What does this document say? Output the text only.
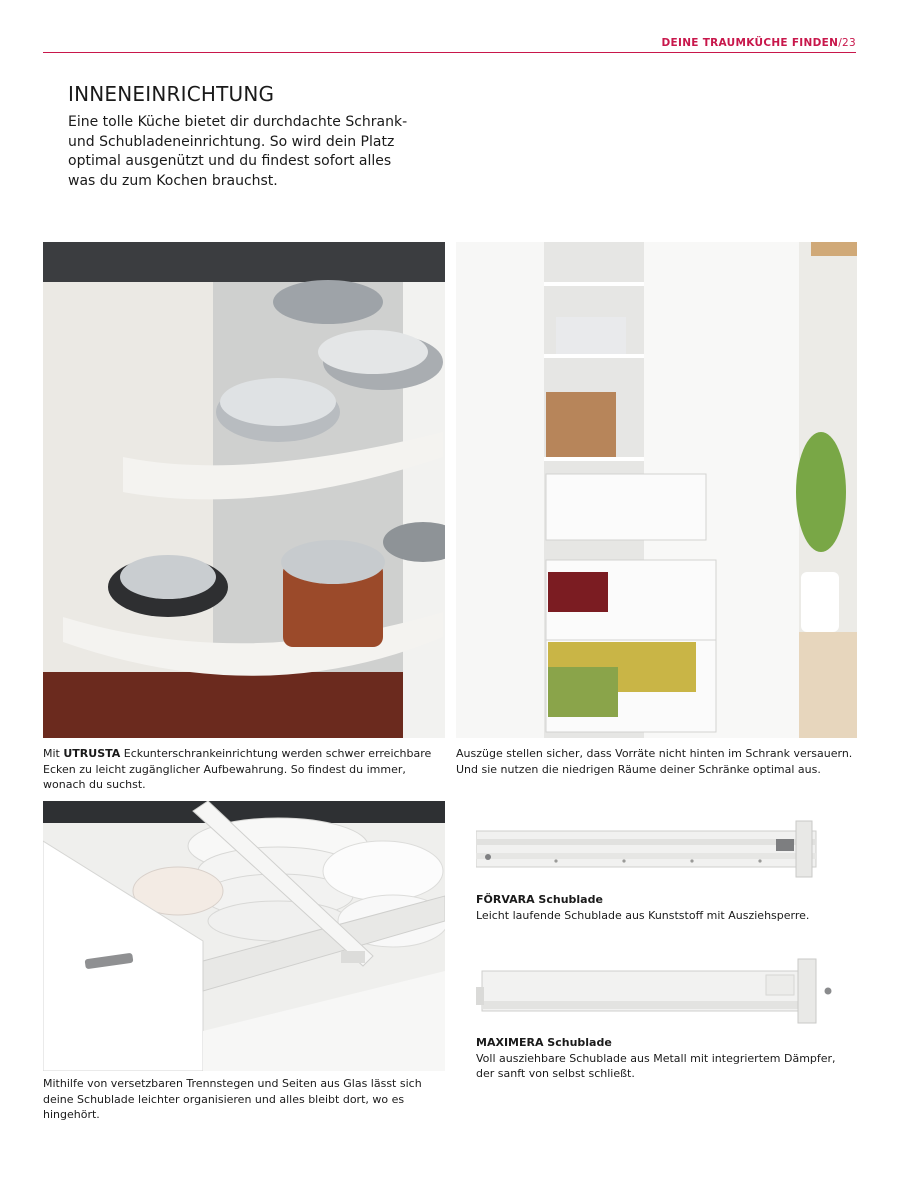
DEINE TRAUMKÜCHE FINDEN/23
INNENEINRICHTUNG
Eine tolle Küche bietet dir durchdachte Schrank- und Schubladeneinrichtung. So wird dein Platz optimal ausgenützt und du findest sofort alles was du zum Kochen brauchst.
Mit UTRUSTA Eckunterschrankeinrichtung werden schwer erreichbare Ecken zu leicht zugänglicher Aufbewahrung. So findest du immer, wonach du suchst.
Auszüge stellen sicher, dass Vorräte nicht hinten im Schrank versauern. Und sie nutzen die niedrigen Räume deiner Schränke optimal aus.
Mithilfe von versetzbaren Trennstegen und Seiten aus Glas lässt sich deine Schublade leichter organisieren und alles bleibt dort, wo es hingehört.
FÖRVARA Schublade
Leicht laufende Schublade aus Kunststoff mit Ausziehsperre.
MAXIMERA Schublade
Voll ausziehbare Schublade aus Metall mit integriertem Dämpfer, der sanft von selbst schließt.
